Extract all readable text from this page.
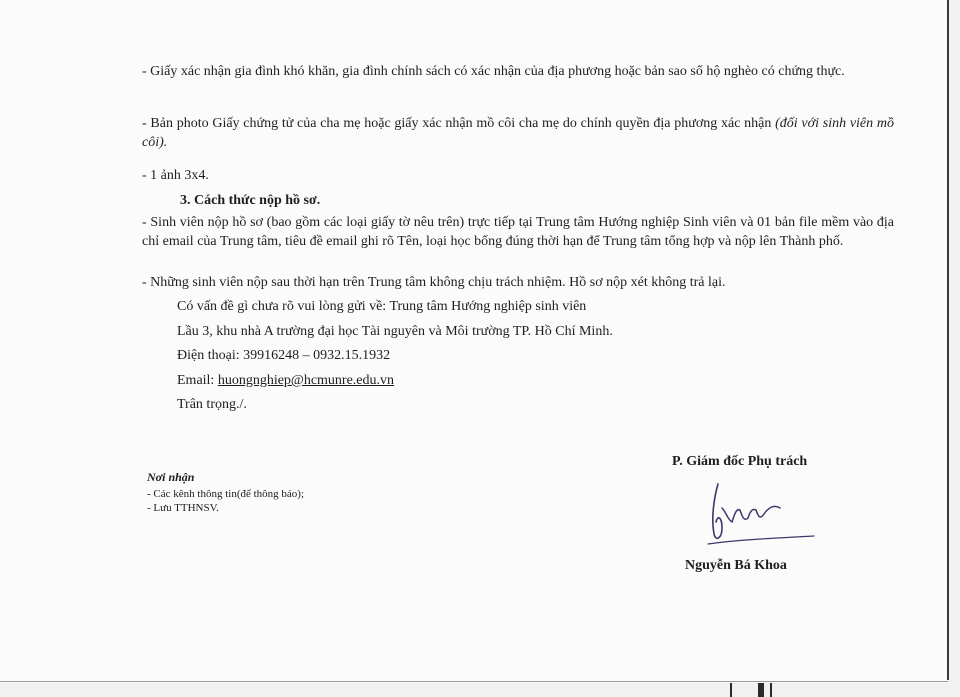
- Giấy xác nhận gia đình khó khăn, gia đình chính sách có xác nhận của địa phương hoặc bản sao sổ hộ nghèo có chứng thực.

- Bản photo Giấy chứng tử của cha mẹ hoặc giấy xác nhận mồ côi cha mẹ do chính quyền địa phương xác nhận (đối với sinh viên mồ côi).

- 1 ảnh 3x4.

3. Cách thức nộp hồ sơ.

- Sinh viên nộp hồ sơ (bao gồm các loại giấy tờ nêu trên) trực tiếp tại Trung tâm Hướng nghiệp Sinh viên và 01 bản file mềm vào địa chỉ email của Trung tâm, tiêu đề email ghi rõ Tên, loại học bổng đúng thời hạn để Trung tâm tổng hợp và nộp lên Thành phố.

- Những sinh viên nộp sau thời hạn trên Trung tâm không chịu trách nhiệm. Hồ sơ nộp xét không trả lại.

Có vấn đề gì chưa rõ vui lòng gửi về: Trung tâm Hướng nghiệp sinh viên

Lầu 3, khu nhà A trường đại học Tài nguyên và Môi trường TP. Hồ Chí Minh.

Điện thoại: 39916248 – 0932.15.1932

Email: huongnghiep@hcmunre.edu.vn

Trân trọng./.

Nơi nhận

- Các kênh thông tin(để thông báo);

- Lưu TTHNSV.

P. Giám đốc Phụ trách

Nguyễn Bá Khoa
